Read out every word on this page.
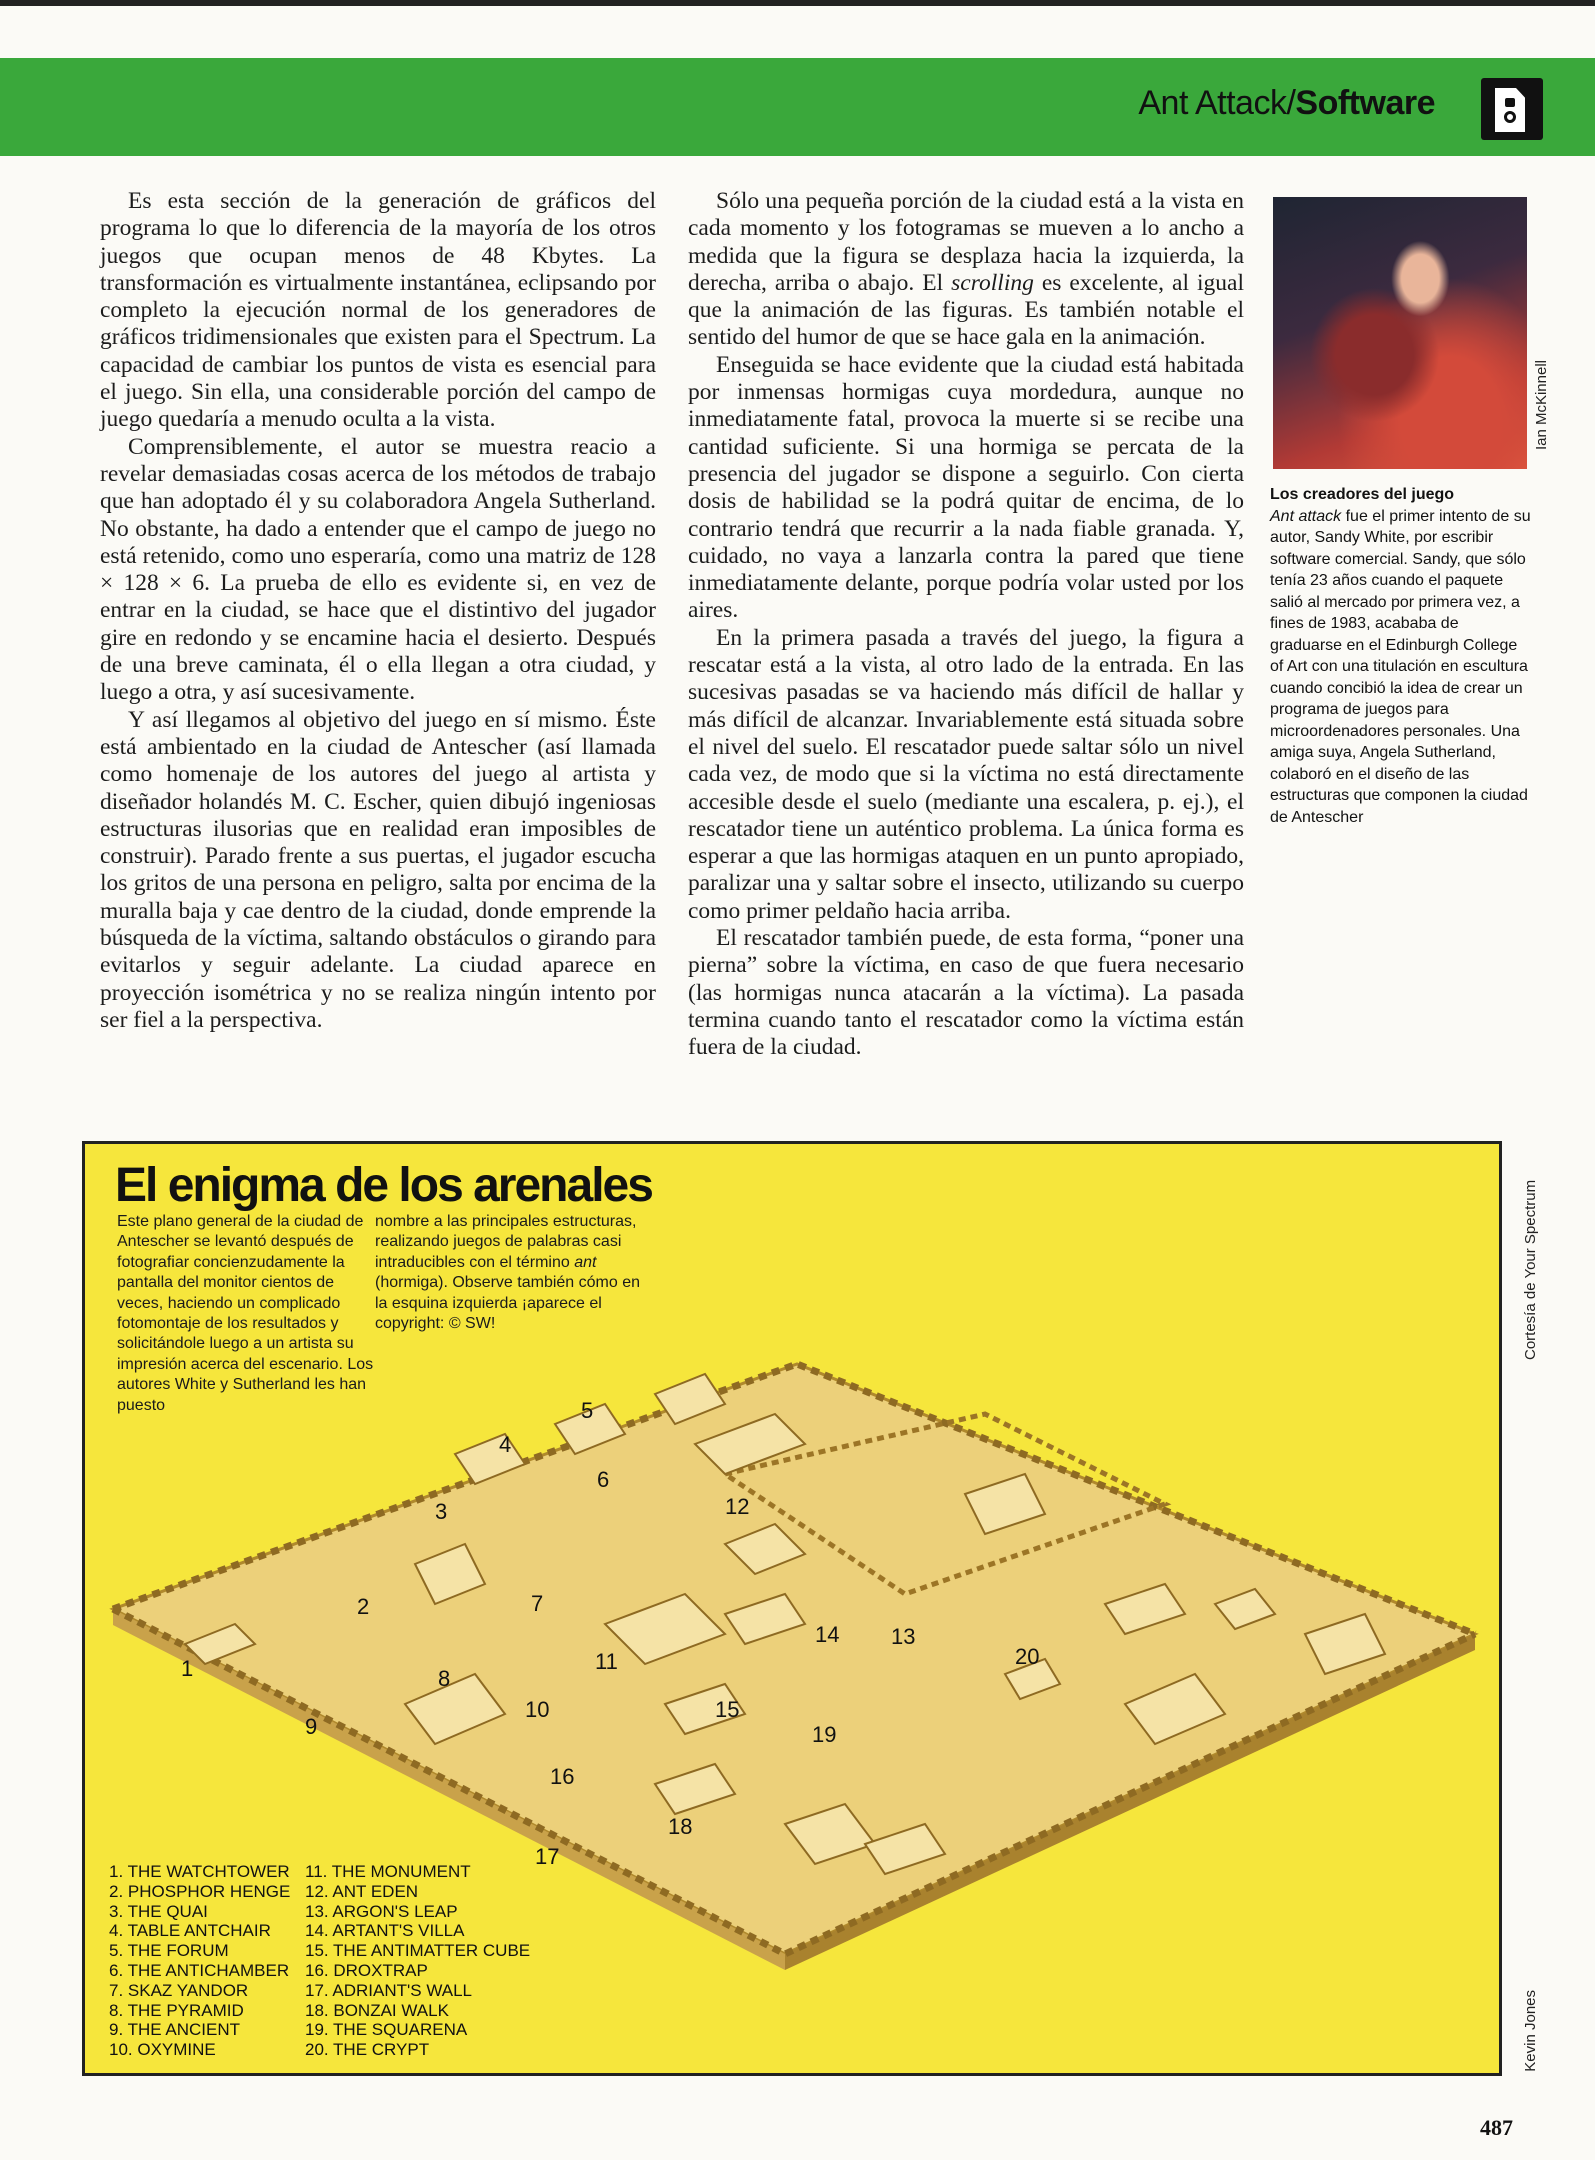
Ant Attack/Software

Es esta sección de la generación de gráficos del programa lo que lo diferencia de la mayoría de los otros juegos que ocupan menos de 48 Kbytes. La transformación es virtualmente instantánea, eclipsando por completo la ejecución normal de los generadores de gráficos tridimensionales que existen para el Spectrum. La capacidad de cambiar los puntos de vista es esencial para el juego. Sin ella, una considerable porción del campo de juego quedaría a menudo oculta a la vista.

Comprensiblemente, el autor se muestra reacio a revelar demasiadas cosas acerca de los métodos de trabajo que han adoptado él y su colaboradora Angela Sutherland. No obstante, ha dado a entender que el campo de juego no está retenido, como uno esperaría, como una matriz de 128 × 128 × 6. La prueba de ello es evidente si, en vez de entrar en la ciudad, se hace que el distintivo del jugador gire en redondo y se encamine hacia el desierto. Después de una breve caminata, él o ella llegan a otra ciudad, y luego a otra, y así sucesivamente.

Y así llegamos al objetivo del juego en sí mismo. Éste está ambientado en la ciudad de Antescher (así llamada como homenaje de los autores del juego al artista y diseñador holandés M. C. Escher, quien dibujó ingeniosas estructuras ilusorias que en realidad eran imposibles de construir). Parado frente a sus puertas, el jugador escucha los gritos de una persona en peligro, salta por encima de la muralla baja y cae dentro de la ciudad, donde emprende la búsqueda de la víctima, saltando obstáculos o girando para evitarlos y seguir adelante. La ciudad aparece en proyección isométrica y no se realiza ningún intento por ser fiel a la perspectiva.

Sólo una pequeña porción de la ciudad está a la vista en cada momento y los fotogramas se mueven a lo ancho a medida que la figura se desplaza hacia la izquierda, la derecha, arriba o abajo. El scrolling es excelente, al igual que la animación de las figuras. Es también notable el sentido del humor de que se hace gala en la animación.

Enseguida se hace evidente que la ciudad está habitada por inmensas hormigas cuya mordedura, aunque no inmediatamente fatal, provoca la muerte si se recibe una cantidad suficiente. Si una hormiga se percata de la presencia del jugador se dispone a seguirlo. Con cierta dosis de habilidad se la podrá quitar de encima, de lo contrario tendrá que recurrir a la nada fiable granada. Y, cuidado, no vaya a lanzarla contra la pared que tiene inmediatamente delante, porque podría volar usted por los aires.

En la primera pasada a través del juego, la figura a rescatar está a la vista, al otro lado de la entrada. En las sucesivas pasadas se va haciendo más difícil de hallar y más difícil de alcanzar. Invariablemente está situada sobre el nivel del suelo. El rescatador puede saltar sólo un nivel cada vez, de modo que si la víctima no está directamente accesible desde el suelo (mediante una escalera, p. ej.), el rescatador tiene un auténtico problema. La única forma es esperar a que las hormigas ataquen en un punto apropiado, paralizar una y saltar sobre el insecto, utilizando su cuerpo como primer peldaño hacia arriba.

El rescatador también puede, de esta forma, “poner una pierna” sobre la víctima, en caso de que fuera necesario (las hormigas nunca atacarán a la víctima). La pasada termina cuando tanto el rescatador como la víctima están fuera de la ciudad.

Ian McKinnell
Los creadores del juego
Ant attack fue el primer intento de su autor, Sandy White, por escribir software comercial. Sandy, que sólo tenía 23 años cuando el paquete salió al mercado por primera vez, a fines de 1983, acababa de graduarse en el Edinburgh College of Art con una titulación en escultura cuando concibió la idea de crear un programa de juegos para microordenadores personales. Una amiga suya, Angela Sutherland, colaboró en el diseño de las estructuras que componen la ciudad de Antescher
1
2
3
4
5
6
7
8
9
10
11
12
13
14
15
16
17
18
19
20
El enigma de los arenales
Este plano general de la ciudad de Antescher se levantó después de fotografiar concienzudamente la pantalla del monitor cientos de veces, haciendo un complicado fotomontaje de los resultados y solicitándole luego a un artista su impresión acerca del escenario. Los autores White y Sutherland les han puesto
nombre a las principales estructuras, realizando juegos de palabras casi intraducibles con el término ant (hormiga). Observe también cómo en la esquina izquierda ¡aparece el copyright: © SW!
1. THE WATCHTOWER
2. PHOSPHOR HENGE
3. THE QUAI
4. TABLE ANTCHAIR
5. THE FORUM
6. THE ANTICHAMBER
7. SKAZ YANDOR
8. THE PYRAMID
9. THE ANCIENT
10. OXYMINE
11. THE MONUMENT
12. ANT EDEN
13. ARGON'S LEAP
14. ARTANT'S VILLA
15. THE ANTIMATTER CUBE
16. DROXTRAP
17. ADRIANT'S WALL
18. BONZAI WALK
19. THE SQUARENA
20. THE CRYPT
Cortesía de Your Spectrum
Kevin Jones
487
